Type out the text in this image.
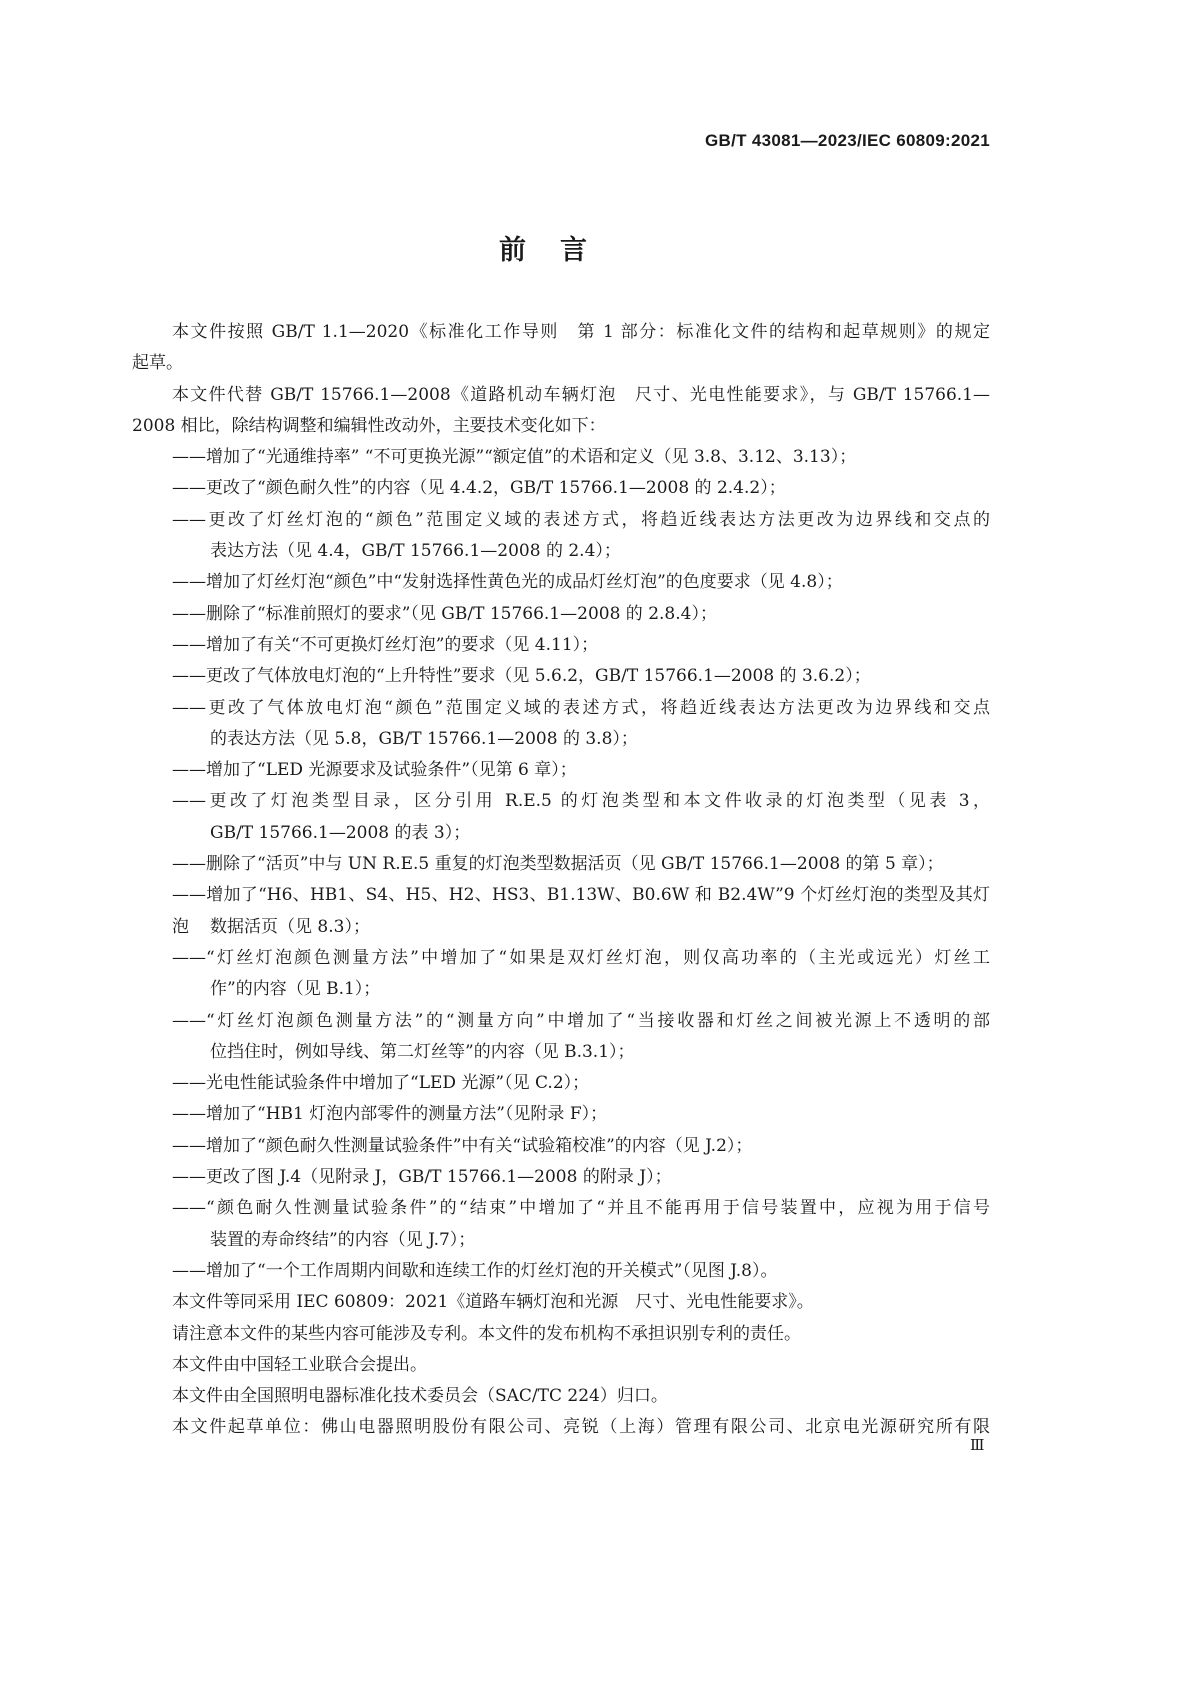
GB/T 43081—2023/IEC 60809:2021
前言
本文件按照 GB/T 1.1—2020《标准化工作导则　第 1 部分：标准化文件的结构和起草规则》的规定
起草。
本文件代替 GB/T 15766.1—2008《道路机动车辆灯泡　尺寸、光电性能要求》，与 GB/T 15766.1—
2008 相比，除结构调整和编辑性改动外，主要技术变化如下：
——增加了“光通维持率” “不可更换光源”“额定值”的术语和定义（见 3.8、3.12、3.13）；
——更改了“颜色耐久性”的内容（见 4.4.2，GB/T 15766.1—2008 的 2.4.2）；
——更改了灯丝灯泡的“颜色”范围定义域的表述方式，将趋近线表达方法更改为边界线和交点的
表达方法（见 4.4，GB/T 15766.1—2008 的 2.4）；
——增加了灯丝灯泡“颜色”中“发射选择性黄色光的成品灯丝灯泡”的色度要求（见 4.8）；
——删除了“标准前照灯的要求”（见 GB/T 15766.1—2008 的 2.8.4）；
——增加了有关“不可更换灯丝灯泡”的要求（见 4.11）；
——更改了气体放电灯泡的“上升特性”要求（见 5.6.2，GB/T 15766.1—2008 的 3.6.2）；
——更改了气体放电灯泡“颜色”范围定义域的表述方式，将趋近线表达方法更改为边界线和交点
的表达方法（见 5.8，GB/T 15766.1—2008 的 3.8）；
——增加了“LED 光源要求及试验条件”（见第 6 章）；
——更改了灯泡类型目录，区分引用 R.E.5 的灯泡类型和本文件收录的灯泡类型（见表 3，
GB/T 15766.1—2008 的表 3）；
——删除了“活页”中与 UN R.E.5 重复的灯泡类型数据活页（见 GB/T 15766.1—2008 的第 5 章）；
——增加了“H6、HB1、S4、H5、H2、HS3、B1.13W、B0.6W 和 B2.4W”9 个灯丝灯泡的类型及其灯泡	数据活页（见 8.3）；
——“灯丝灯泡颜色测量方法”中增加了“如果是双灯丝灯泡，则仅高功率的（主光或远光）灯丝工
作”的内容（见 B.1）；
——“灯丝灯泡颜色测量方法”的“测量方向”中增加了“当接收器和灯丝之间被光源上不透明的部
位挡住时，例如导线、第二灯丝等”的内容（见 B.3.1）；
——光电性能试验条件中增加了“LED 光源”（见 C.2）；
——增加了“HB1 灯泡内部零件的测量方法”（见附录 F）；
——增加了“颜色耐久性测量试验条件”中有关“试验箱校准”的内容（见 J.2）；
——更改了图 J.4（见附录 J，GB/T 15766.1—2008 的附录 J）；
——“颜色耐久性测量试验条件”的“结束”中增加了“并且不能再用于信号装置中，应视为用于信号
装置的寿命终结”的内容（见 J.7）；
——增加了“一个工作周期内间歇和连续工作的灯丝灯泡的开关模式”（见图 J.8）。
本文件等同采用 IEC 60809：2021《道路车辆灯泡和光源　尺寸、光电性能要求》。
请注意本文件的某些内容可能涉及专利。本文件的发布机构不承担识别专利的责任。
本文件由中国轻工业联合会提出。
本文件由全国照明电器标准化技术委员会（SAC/TC 224）归口。
本文件起草单位：佛山电器照明股份有限公司、亮锐（上海）管理有限公司、北京电光源研究所有限
Ⅲ
